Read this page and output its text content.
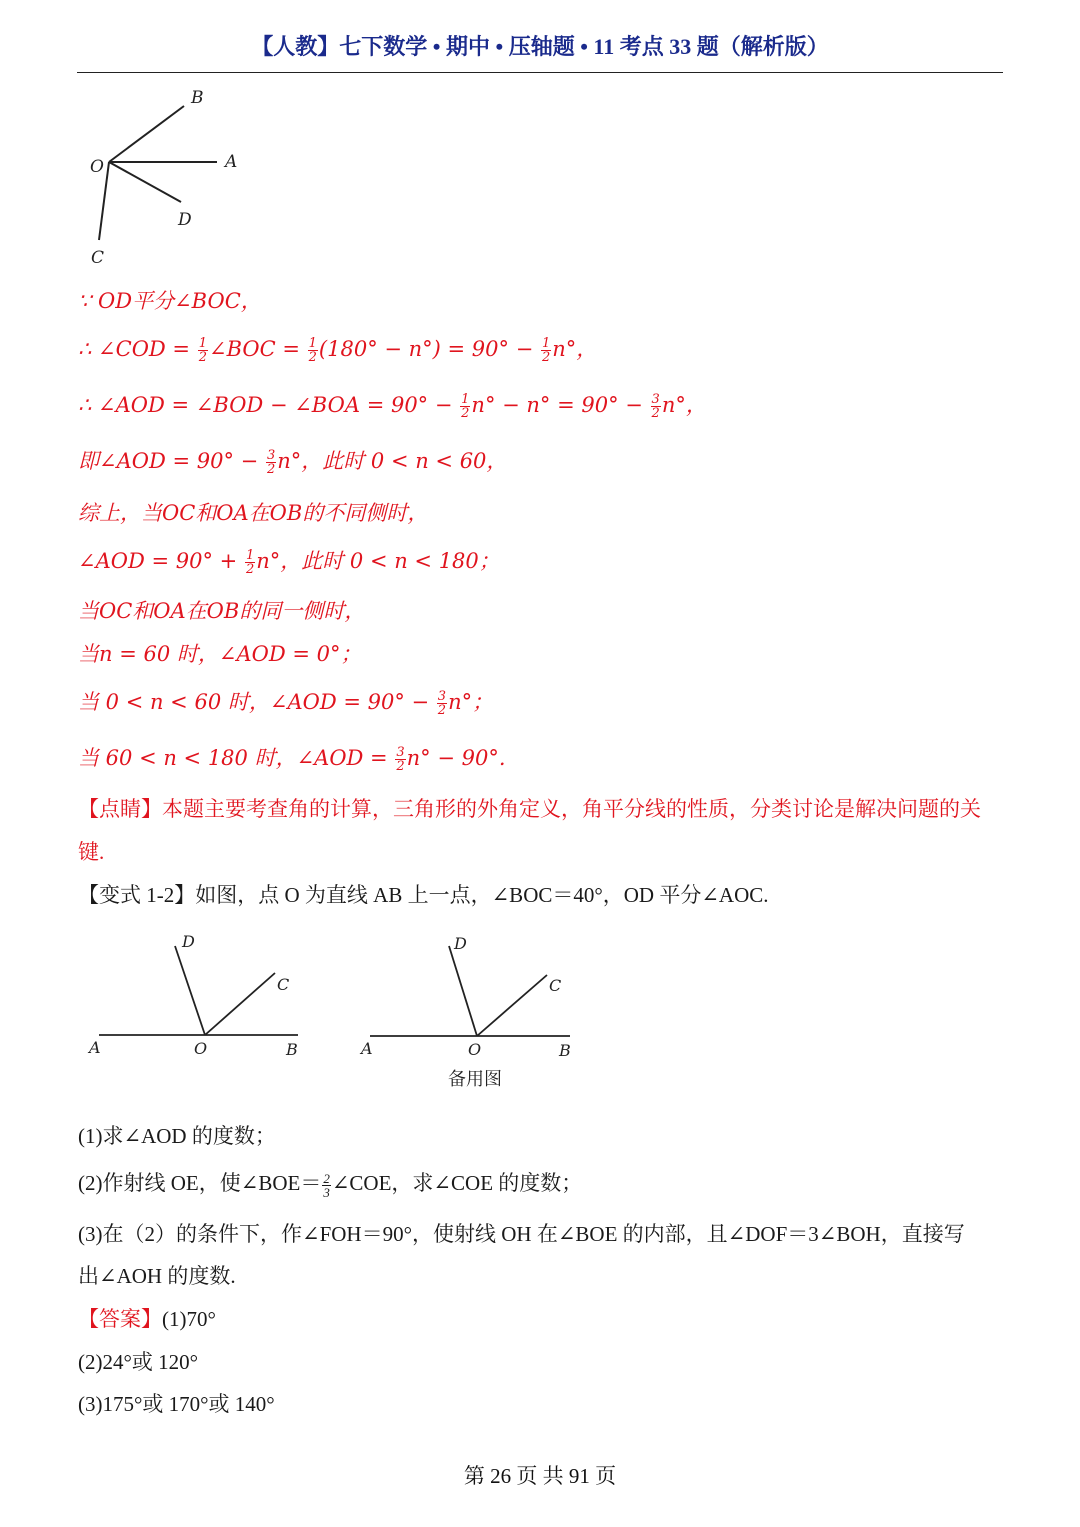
【人教】七下数学 • 期中 • 压轴题 • 11 考点 33 题（解析版）
B
O	A
D
C
∵ OD平分∠BOC，
∴ ∠COD = $\frac{1}{2}$ ∠BOC = $\frac{1}{2} (180^\circ - n^\circ) = 90^\circ - \frac{1}{2} n^\circ$，
∴ ∠AOD = ∠BOD − ∠BOA = $90^\circ - \frac{1}{2} n^\circ - n^\circ = 90^\circ - \frac{3}{2} n^\circ$，
即∠AOD = $90^\circ - \frac{3}{2} n^\circ$，此时 0 < n < 60，
综上，当OC和OA在OB的不同侧时，
∠AOD = $90^\circ + \frac{1}{2} n^\circ$，此时 0 < n < 180；
当OC和OA在OB的同一侧时，
当n = 60 时，∠AOD = 0°；
当 0 < n < 60 时，∠AOD = $90^\circ - \frac{3}{2} n^\circ$；
当 60 < n < 180 时，∠AOD = $\frac{3}{2} n^\circ - 90^\circ$.
【点睛】本题主要考查角的计算，三角形的外角定义，角平分线的性质，分类讨论是解决问题的关
键.
【变式 1-2】如图，点 O 为直线 AB 上一点，∠BOC＝40°，OD 平分∠AOC.
D
C
A	O	B
D
C
A	O	B
备用图
(1)求∠AOD 的度数；
(2)作射线 OE，使∠BOE＝ $\frac{2}{3}$ ∠COE，求∠COE 的度数；
(3)在（2）的条件下，作∠FOH＝90°，使射线 OH 在∠BOE 的内部，且∠DOF＝3∠BOH，直接写
出∠AOH 的度数.
【答案】(1)70°
(2)24°或 120°
(3)175°或 170°或 140°
第 26 页 共 91 页
